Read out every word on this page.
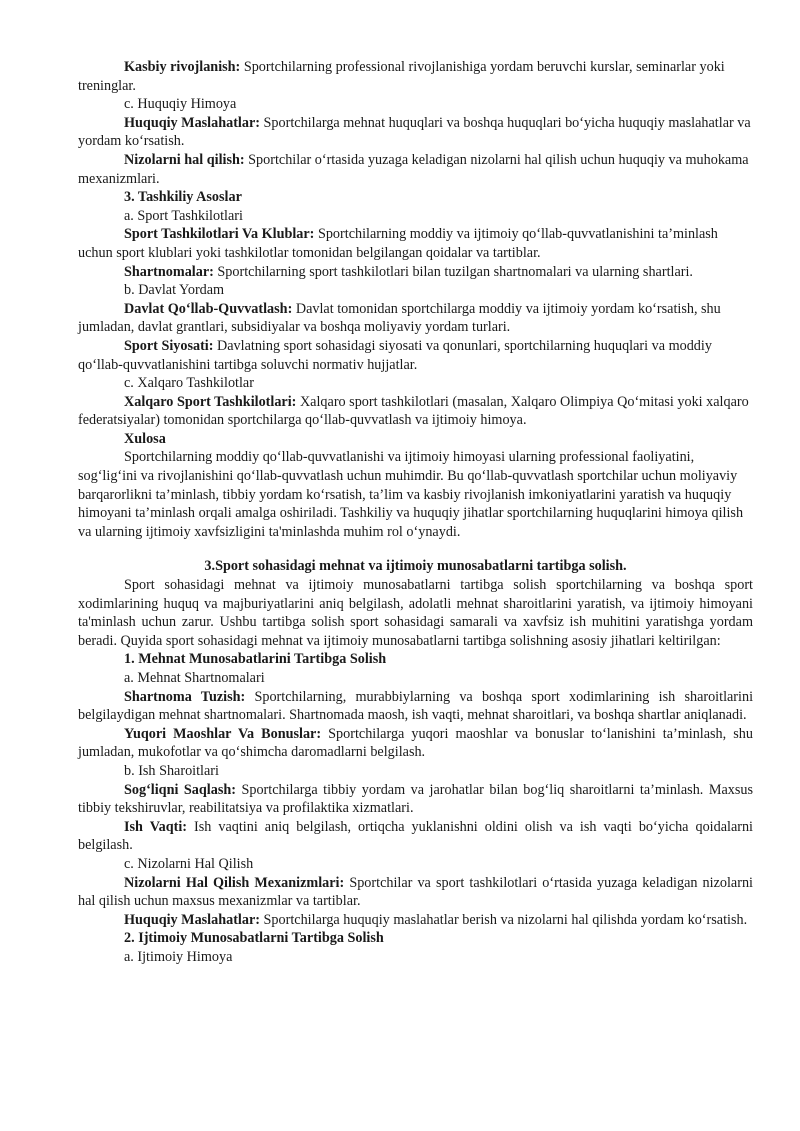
Kasbiy rivojlanish: Sportchilarning professional rivojlanishiga yordam beruvchi kurslar, seminarlar yoki treninglar.

c. Huquqiy Himoya

Huquqiy Maslahatlar: Sportchilarga mehnat huquqlari va boshqa huquqlari bo‘yicha huquqiy maslahatlar va yordam ko‘rsatish.

Nizolarni hal qilish: Sportchilar o‘rtasida yuzaga keladigan nizolarni hal qilish uchun huquqiy va muhokama mexanizmlari.

3. Tashkiliy Asoslar

a. Sport Tashkilotlari

Sport Tashkilotlari Va Klublar: Sportchilarning moddiy va ijtimoiy qo‘llab-quvvatlanishini ta’minlash uchun sport klublari yoki tashkilotlar tomonidan belgilangan qoidalar va tartiblar.

Shartnomalar: Sportchilarning sport tashkilotlari bilan tuzilgan shartnomalari va ularning shartlari.

b. Davlat Yordam

Davlat Qo‘llab-Quvvatlash: Davlat tomonidan sportchilarga moddiy va ijtimoiy yordam ko‘rsatish, shu jumladan, davlat grantlari, subsidiyalar va boshqa moliyaviy yordam turlari.

Sport Siyosati: Davlatning sport sohasidagi siyosati va qonunlari, sportchilarning huquqlari va moddiy qo‘llab-quvvatlanishini tartibga soluvchi normativ hujjatlar.

c. Xalqaro Tashkilotlar

Xalqaro Sport Tashkilotlari: Xalqaro sport tashkilotlari (masalan, Xalqaro Olimpiya Qo‘mitasi yoki xalqaro federatsiyalar) tomonidan sportchilarga qo‘llab-quvvatlash va ijtimoiy himoya.

Xulosa

Sportchilarning moddiy qo‘llab-quvvatlanishi va ijtimoiy himoyasi ularning professional faoliyatini, sog‘lig‘ini va rivojlanishini qo‘llab-quvvatlash uchun muhimdir. Bu qo‘llab-quvvatlash sportchilar uchun moliyaviy barqarorlikni ta’minlash, tibbiy yordam ko‘rsatish, ta’lim va kasbiy rivojlanish imkoniyatlarini yaratish va huquqiy himoyani ta’minlash orqali amalga oshiriladi. Tashkiliy va huquqiy jihatlar sportchilarning huquqlarini himoya qilish va ularning ijtimoiy xavfsizligini ta'minlashda muhim rol o‘ynaydi.

3.Sport sohasidagi mehnat va ijtimoiy munosabatlarni tartibga solish.

Sport sohasidagi mehnat va ijtimoiy munosabatlarni tartibga solish sportchilarning va boshqa sport xodimlarining huquq va majburiyatlarini aniq belgilash, adolatli mehnat sharoitlarini yaratish, va ijtimoiy himoyani ta'minlash uchun zarur. Ushbu tartibga solish sport sohasidagi samarali va xavfsiz ish muhitini yaratishga yordam beradi. Quyida sport sohasidagi mehnat va ijtimoiy munosabatlarni tartibga solishning asosiy jihatlari keltirilgan:

1. Mehnat Munosabatlarini Tartibga Solish

a. Mehnat Shartnomalari

Shartnoma Tuzish: Sportchilarning, murabbiylarning va boshqa sport xodimlarining ish sharoitlarini belgilaydigan mehnat shartnomalari. Shartnomada maosh, ish vaqti, mehnat sharoitlari, va boshqa shartlar aniqlanadi.

Yuqori Maoshlar Va Bonuslar: Sportchilarga yuqori maoshlar va bonuslar to‘lanishini ta’minlash, shu jumladan, mukofotlar va qo‘shimcha daromadlarni belgilash.

b. Ish Sharoitlari

Sog‘liqni Saqlash: Sportchilarga tibbiy yordam va jarohatlar bilan bog‘liq sharoitlarni ta’minlash. Maxsus tibbiy tekshiruvlar, reabilitatsiya va profilaktika xizmatlari.

Ish Vaqti: Ish vaqtini aniq belgilash, ortiqcha yuklanishni oldini olish va ish vaqti bo‘yicha qoidalarni belgilash.

c. Nizolarni Hal Qilish

Nizolarni Hal Qilish Mexanizmlari: Sportchilar va sport tashkilotlari o‘rtasida yuzaga keladigan nizolarni hal qilish uchun maxsus mexanizmlar va tartiblar.

Huquqiy Maslahatlar: Sportchilarga huquqiy maslahatlar berish va nizolarni hal qilishda yordam ko‘rsatish.

2. Ijtimoiy Munosabatlarni Tartibga Solish

a. Ijtimoiy Himoya
